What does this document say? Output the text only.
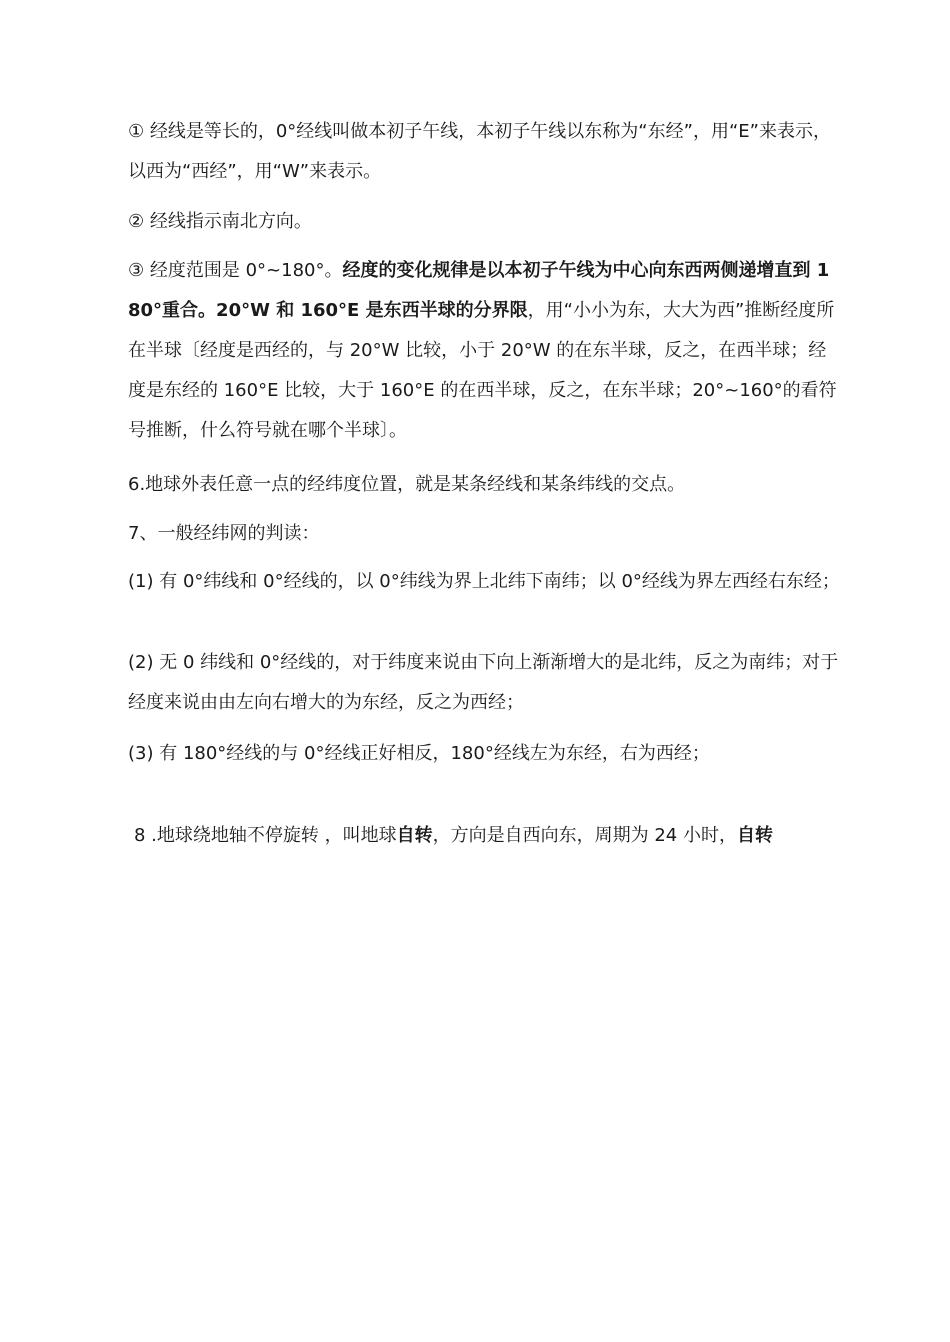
① 经线是等长的，0°经线叫做本初子午线，本初子午线以东称为“东经”，用“E”来表示，以西为“西经”，用“W”来表示。

② 经线指示南北方向。

③ 经度范围是 0°~180°。经度的变化规律是以本初子午线为中心向东西两侧递增直到 180°重合。20°W 和 160°E 是东西半球的分界限，用“小小为东，大大为西”推断经度所在半球〔经度是西经的，与 20°W 比较，小于 20°W 的在东半球，反之，在西半球；经度是东经的 160°E 比较，大于 160°E 的在西半球，反之，在东半球；20°~160°的看符号推断，什么符号就在哪个半球〕。

6.地球外表任意一点的经纬度位置，就是某条经线和某条纬线的交点。

7、一般经纬网的判读：

(1) 有 0°纬线和 0°经线的，以 0°纬线为界上北纬下南纬；以 0°经线为界左西经右东经；

(2) 无 0 纬线和 0°经线的，对于纬度来说由下向上渐渐增大的是北纬，反之为南纬；对于经度来说由由左向右增大的为东经，反之为西经；

(3) 有 180°经线的与 0°经线正好相反，180°经线左为东经，右为西经；

8 .地球绕地轴不停旋转 ，叫地球自转，方向是自西向东，周期为 24 小时，自转
